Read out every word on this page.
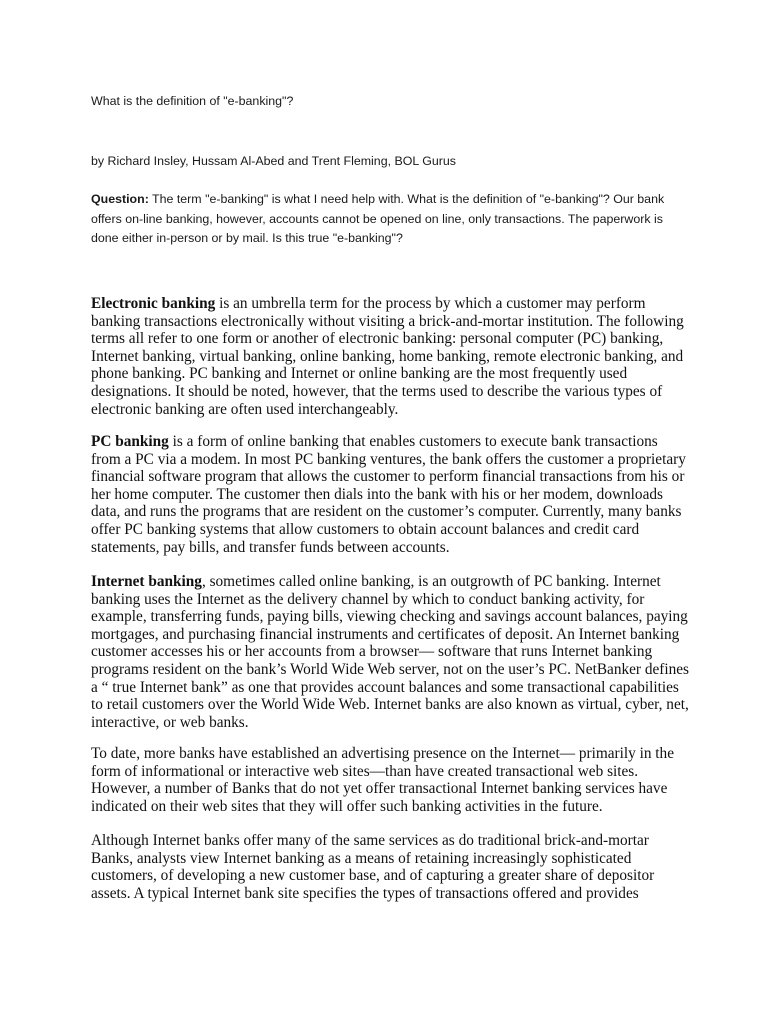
What is the definition of "e-banking"?

by Richard Insley, Hussam Al-Abed and Trent Fleming, BOL Gurus

Question: The term "e-banking" is what I need help with. What is the definition of "e-banking"? Our bank offers on-line banking, however, accounts cannot be opened on line, only transactions. The paperwork is done either in-person or by mail. Is this true "e-banking"?

Electronic banking is an umbrella term for the process by which a customer may perform banking transactions electronically without visiting a brick-and-mortar institution. The following terms all refer to one form or another of electronic banking: personal computer (PC) banking, Internet banking, virtual banking, online banking, home banking, remote electronic banking, and phone banking. PC banking and Internet or online banking are the most frequently used designations. It should be noted, however, that the terms used to describe the various types of electronic banking are often used interchangeably.

PC banking is a form of online banking that enables customers to execute bank transactions from a PC via a modem. In most PC banking ventures, the bank offers the customer a proprietary financial software program that allows the customer to perform financial transactions from his or her home computer. The customer then dials into the bank with his or her modem, downloads data, and runs the programs that are resident on the customer’s computer. Currently, many banks offer PC banking systems that allow customers to obtain account balances and credit card statements, pay bills, and transfer funds between accounts.

Internet banking, sometimes called online banking, is an outgrowth of PC banking. Internet banking uses the Internet as the delivery channel by which to conduct banking activity, for example, transferring funds, paying bills, viewing checking and savings account balances, paying mortgages, and purchasing financial instruments and certificates of deposit. An Internet banking customer accesses his or her accounts from a browser— software that runs Internet banking programs resident on the bank’s World Wide Web server, not on the user’s PC. NetBanker defines a “ true Internet bank” as one that provides account balances and some transactional capabilities to retail customers over the World Wide Web. Internet banks are also known as virtual, cyber, net, interactive, or web banks.

To date, more banks have established an advertising presence on the Internet— primarily in the form of informational or interactive web sites—than have created transactional web sites. However, a number of Banks that do not yet offer transactional Internet banking services have indicated on their web sites that they will offer such banking activities in the future.

Although Internet banks offer many of the same services as do traditional brick-and-mortar Banks, analysts view Internet banking as a means of retaining increasingly sophisticated customers, of developing a new customer base, and of capturing a greater share of depositor assets. A typical Internet bank site specifies the types of transactions offered and provides
